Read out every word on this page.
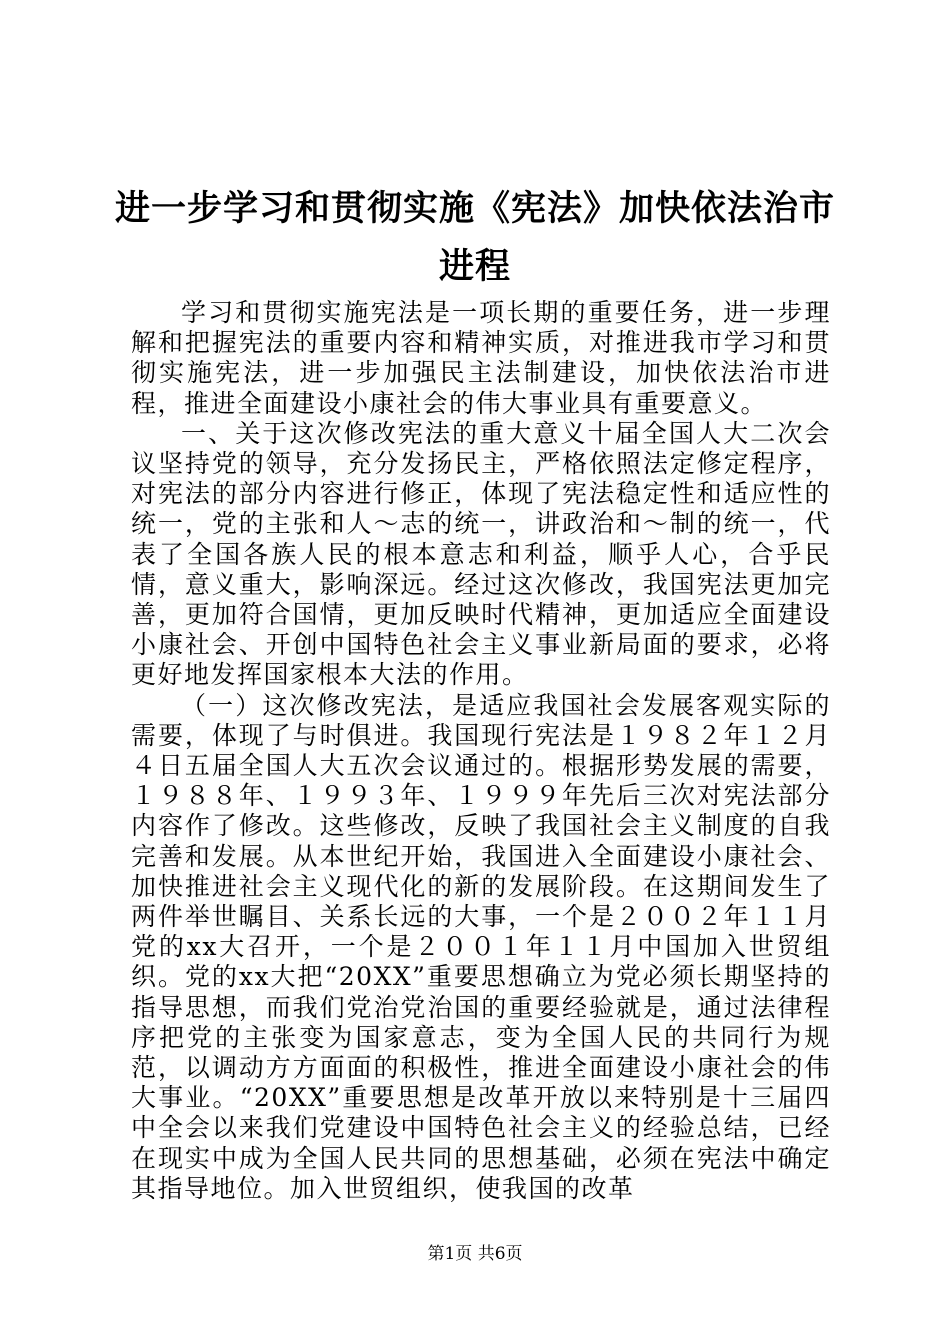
进一步学习和贯彻实施《宪法》加快依法治市进程

学习和贯彻实施宪法是一项长期的重要任务，进一步理解和把握宪法的重要内容和精神实质，对推进我市学习和贯彻实施宪法，进一步加强民主法制建设，加快依法治市进程，推进全面建设小康社会的伟大事业具有重要意义。

一、关于这次修改宪法的重大意义十届全国人大二次会议坚持党的领导，充分发扬民主，严格依照法定修定程序，对宪法的部分内容进行修正，体现了宪法稳定性和适应性的统一，党的主张和人～志的统一，讲政治和～制的统一，代表了全国各族人民的根本意志和利益，顺乎人心，合乎民情，意义重大，影响深远。经过这次修改，我国宪法更加完善，更加符合国情，更加反映时代精神，更加适应全面建设小康社会、开创中国特色社会主义事业新局面的要求，必将更好地发挥国家根本大法的作用。

（一）这次修改宪法，是适应我国社会发展客观实际的需要，体现了与时俱进。我国现行宪法是１９８２年１２月４日五届全国人大五次会议通过的。根据形势发展的需要，１９８８年、１９９３年、１９９９年先后三次对宪法部分内容作了修改。这些修改，反映了我国社会主义制度的自我完善和发展。从本世纪开始，我国进入全面建设小康社会、加快推进社会主义现代化的新的发展阶段。在这期间发生了两件举世瞩目、关系长远的大事，一个是２００２年１１月党的xx大召开，一个是２００１年１１月中国加入世贸组织。党的xx大把“20XX”重要思想确立为党必须长期坚持的指导思想，而我们党治党治国的重要经验就是，通过法律程序把党的主张变为国家意志，变为全国人民的共同行为规范，以调动方方面面的积极性，推进全面建设小康社会的伟大事业。“20XX”重要思想是改革开放以来特别是十三届四中全会以来我们党建设中国特色社会主义的经验总结，已经在现实中成为全国人民共同的思想基础，必须在宪法中确定其指导地位。加入世贸组织，使我国的改革

第1页 共6页
